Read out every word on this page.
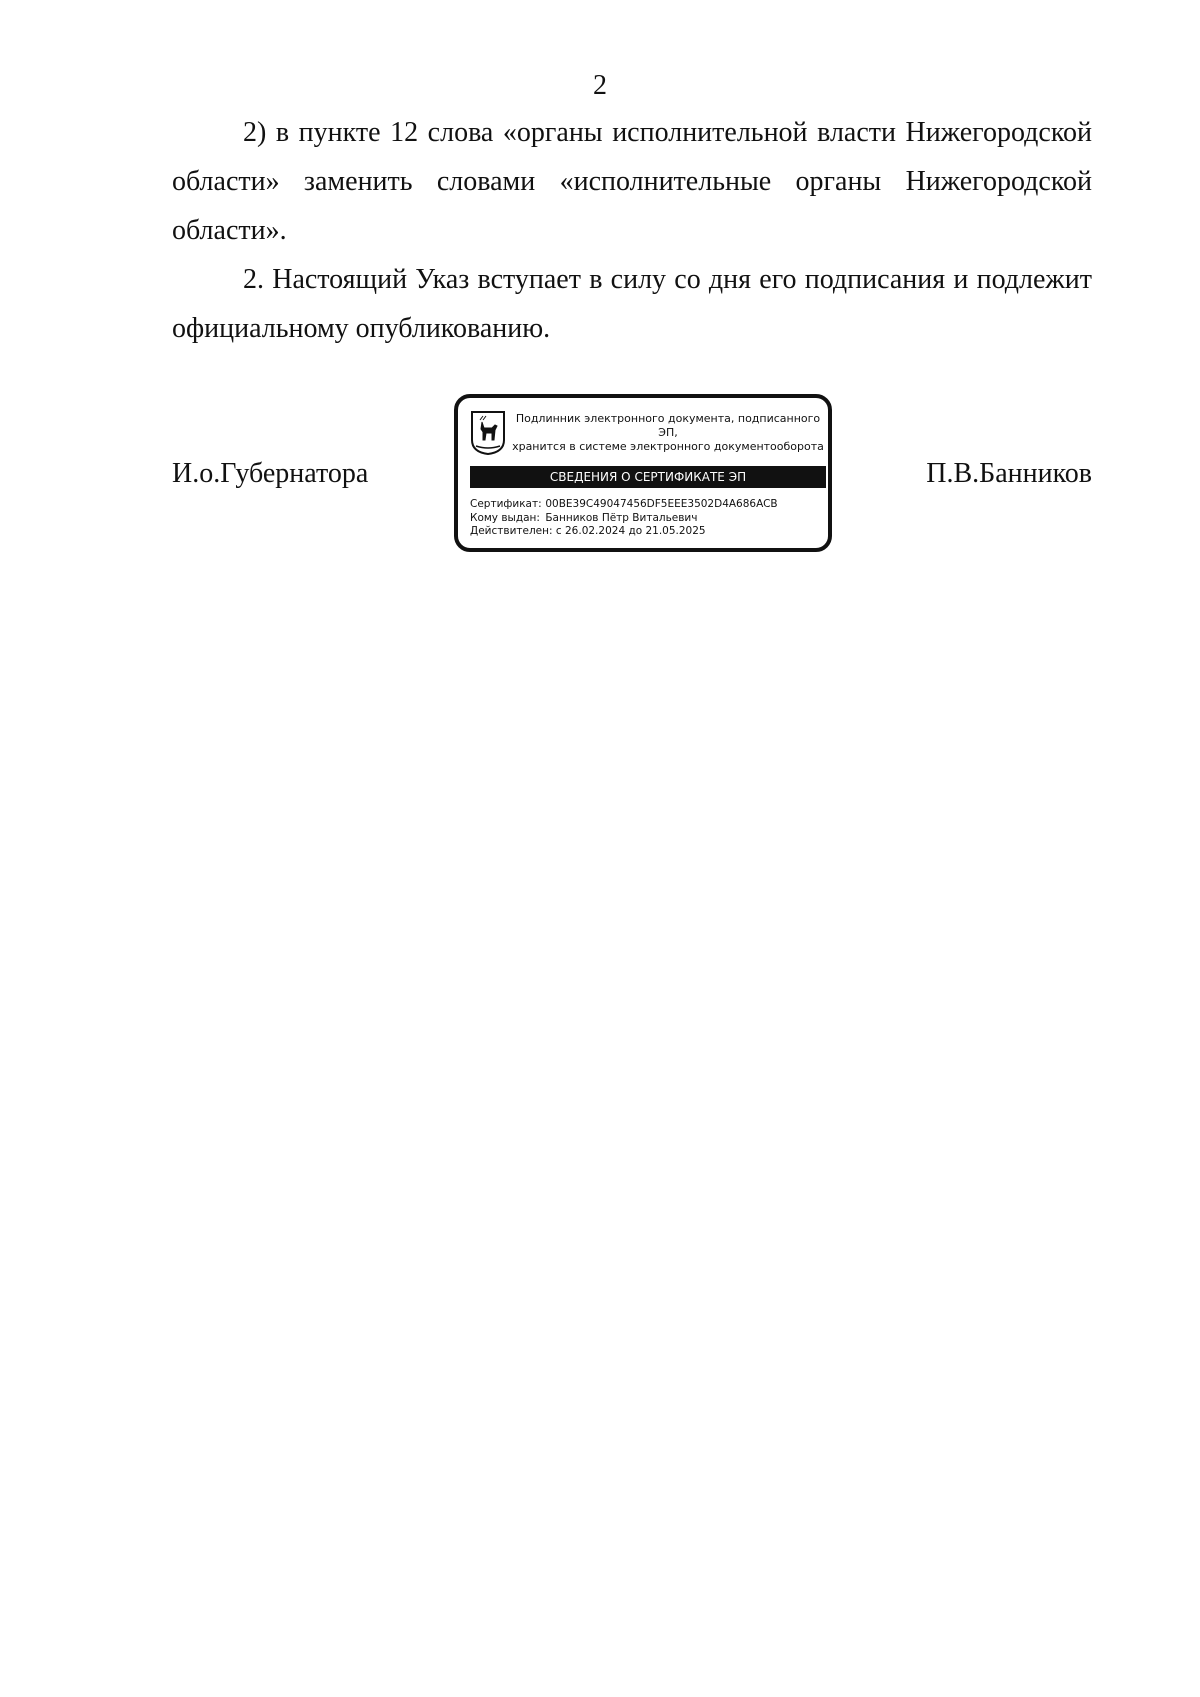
2

2) в пункте 12 слова «органы исполнительной власти Нижегородской области» заменить словами «исполнительные органы Нижегородской области».

2. Настоящий Указ вступает в силу со дня его подписания и подлежит официальному опубликованию.

И.о.Губернатора
Подлинник электронного документа, подписанного ЭП,
хранится в системе электронного документооборота
СВЕДЕНИЯ О СЕРТИФИКАТЕ ЭП
Сертификат: 00BE39C49047456DF5EEE3502D4A686ACB
Кому выдан: Банников Пётр Витальевич
Действителен: с 26.02.2024 до 21.05.2025
П.В.Банников
